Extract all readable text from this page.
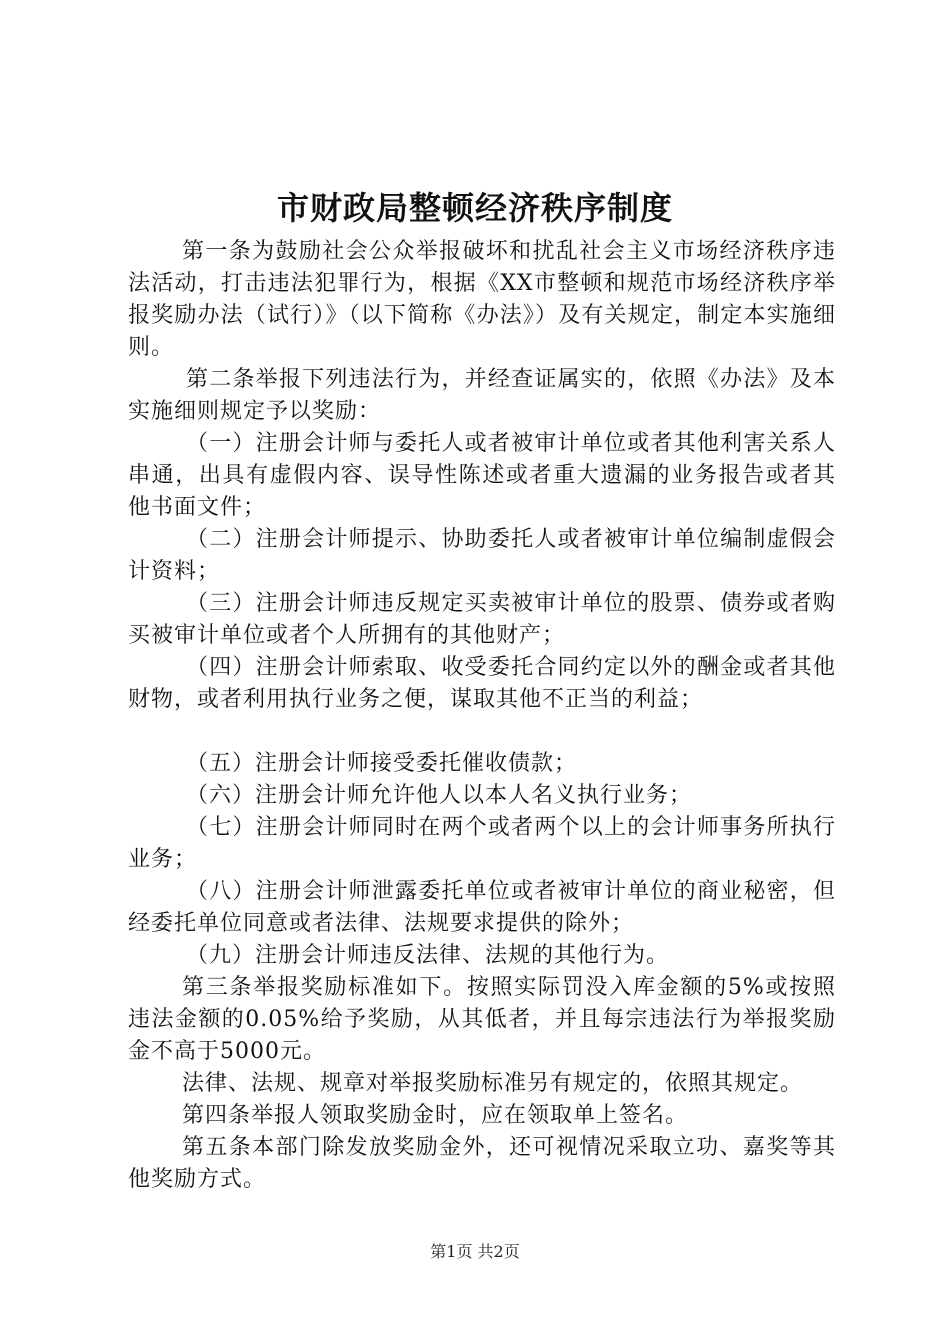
市财政局整顿经济秩序制度

第一条为鼓励社会公众举报破坏和扰乱社会主义市场经济秩序违法活动，打击违法犯罪行为，根据《XX市整顿和规范市场经济秩序举报奖励办法（试行）》（以下简称《办法》）及有关规定，制定本实施细则。

第二条举报下列违法行为，并经查证属实的，依照《办法》及本实施细则规定予以奖励：

（一）注册会计师与委托人或者被审计单位或者其他利害关系人串通，出具有虚假内容、误导性陈述或者重大遗漏的业务报告或者其他书面文件；

（二）注册会计师提示、协助委托人或者被审计单位编制虚假会计资料；

（三）注册会计师违反规定买卖被审计单位的股票、债券或者购买被审计单位或者个人所拥有的其他财产；

（四）注册会计师索取、收受委托合同约定以外的酬金或者其他财物，或者利用执行业务之便，谋取其他不正当的利益；

（五）注册会计师接受委托催收债款；

（六）注册会计师允许他人以本人名义执行业务；

（七）注册会计师同时在两个或者两个以上的会计师事务所执行业务；

（八）注册会计师泄露委托单位或者被审计单位的商业秘密，但经委托单位同意或者法律、法规要求提供的除外；

（九）注册会计师违反法律、法规的其他行为。

第三条举报奖励标准如下。按照实际罚没入库金额的5%或按照违法金额的0.05%给予奖励，从其低者，并且每宗违法行为举报奖励金不高于5000元。

法律、法规、规章对举报奖励标准另有规定的，依照其规定。

第四条举报人领取奖励金时，应在领取单上签名。

第五条本部门除发放奖励金外，还可视情况采取立功、嘉奖等其他奖励方式。

第1页 共2页
